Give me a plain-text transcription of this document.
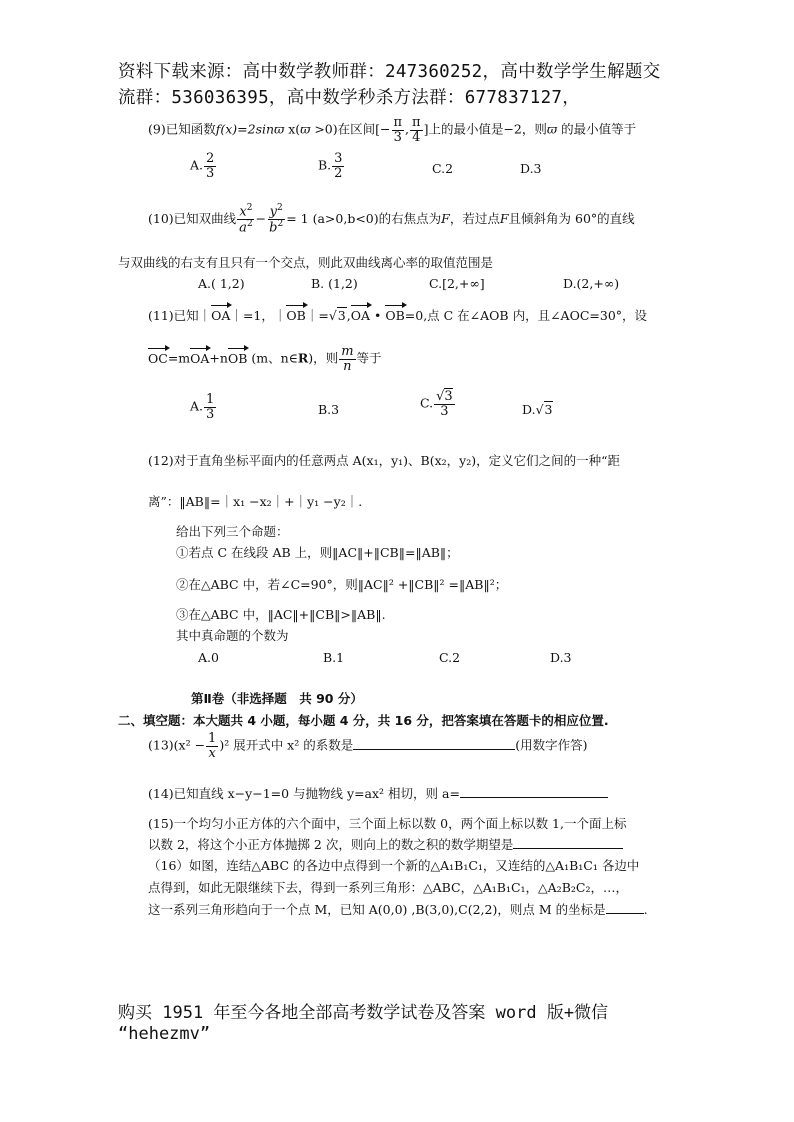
资料下载来源：高中数学教师群：247360252，高中数学学生解题交
流群：536036395，高中数学秒杀方法群：677837127，
(9)已知函数f(x)=2sinϖ x(ϖ >0)在区间[− $\frac{\pi}{3}$ , $\frac{\pi}{4}$ ]上的最小值是−2，则ϖ 的最小值等于
A. $\frac{2}{3}$	B. $\frac{3}{2}$	C.2	D.3
(10)已知双曲线 $\frac{x^2}{a^2} - \frac{y^2}{b^2} = 1$ (a>0,b<0)的右焦点为F，若过点F且倾斜角为 60°的直线
与双曲线的右支有且只有一个交点，则此双曲线离心率的取值范围是
A.( 1,2)	B. (1,2)	C.[2,+∞]	D.(2,+∞)
(11)已知｜OA｜=1，｜OB｜=√3,OA • OB=0,点 C 在∠AOB 内，且∠AOC=30°，设
OC=mOA+nOB (m、n∈R)，则 $\frac{m}{n}$ 等于
A. $\frac{1}{3}$	B.3	C. $\frac{√3}{3}$	D.√3
(12)对于直角坐标平面内的任意两点 A(x₁，y₁)、B(x₂，y₂)，定义它们之间的一种“距
离”：‖AB‖=｜x₁ −x₂｜+｜y₁ −y₂｜.
给出下列三个命题：
①若点 C 在线段 AB 上，则‖AC‖+‖CB‖=‖AB‖；
②在△ABC 中，若∠C=90°，则‖AC‖² +‖CB‖² =‖AB‖²；
③在△ABC 中，‖AC‖+‖CB‖>‖AB‖.
其中真命题的个数为
A.0	B.1	C.2	D.3
第Ⅱ卷（非选择题　共 90 分）
二、填空题：本大题共 4 小题，每小题 4 分，共 16 分，把答案填在答题卡的相应位置.
$(13)(x^2 - \frac{1}{x} )^2$ 展开式中 x² 的系数是	(用数字作答)
(14)已知直线 x−y−1=0 与抛物线 y=ax² 相切，则 a=
(15)一个均匀小正方体的六个面中，三个面上标以数 0，两个面上标以数 1,一个面上标
以数 2，将这个小正方体抛掷 2 次，则向上的数之积的数学期望是
（16）如图，连结△ABC 的各边中点得到一个新的△A₁B₁C₁，又连结的△A₁B₁C₁ 各边中
点得到，如此无限继续下去，得到一系列三角形：△ABC，△A₁B₁C₁，△A₂B₂C₂，…，
这一系列三角形趋向于一个点 M，已知 A(0,0) ,B(3,0),C(2,2)，则点 M 的坐标是	.
购买 1951 年至今各地全部高考数学试卷及答案 word 版+微信
“hehezmv”
